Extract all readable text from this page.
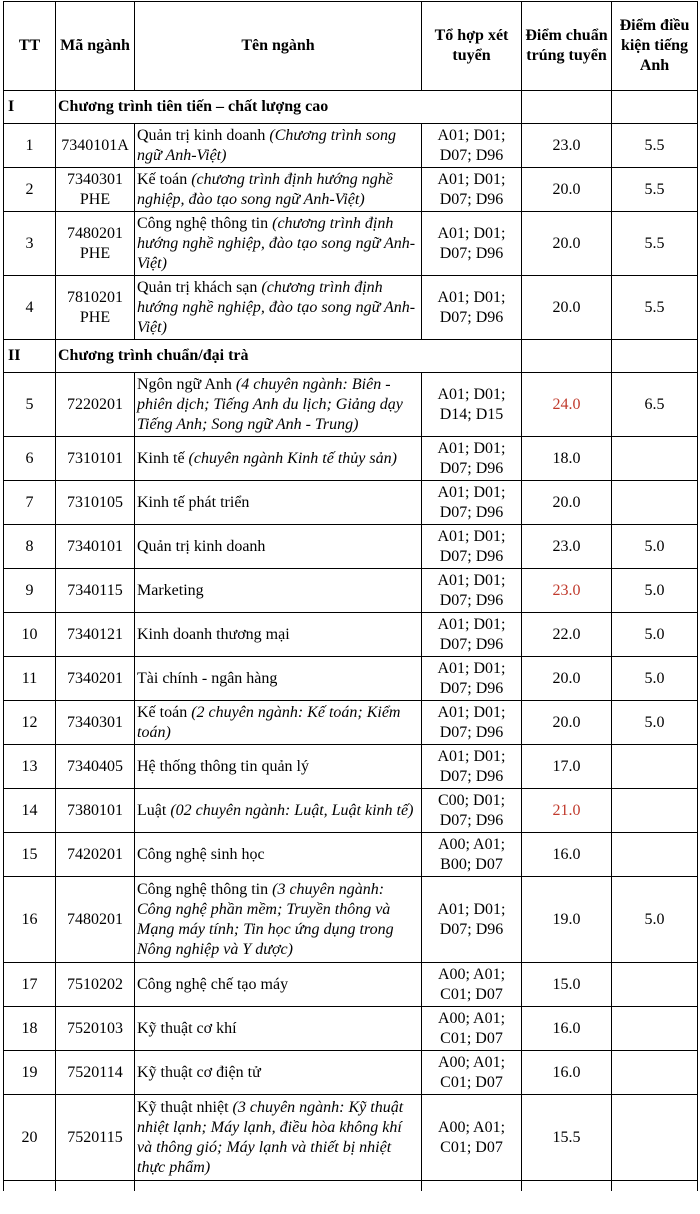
TT	Mã ngành	Tên ngành	Tổ hợp xét tuyển	Điểm chuẩn trúng tuyển	Điểm điều kiện tiếng Anh
I	Chương trình tiên tiến – chất lượng cao				
1	7340101A	Quản trị kinh doanh (Chương trình song ngữ Anh-Việt)	A01; D01; D07; D96	23.0	5.5
2	7340301 PHE	Kế toán (chương trình định hướng nghề nghiệp, đào tạo song ngữ Anh-Việt)	A01; D01; D07; D96	20.0	5.5
3	7480201 PHE	Công nghệ thông tin (chương trình định hướng nghề nghiệp, đào tạo song ngữ Anh-Việt)	A01; D01; D07; D96	20.0	5.5
4	7810201 PHE	Quản trị khách sạn (chương trình định hướng nghề nghiệp, đào tạo song ngữ Anh-Việt)	A01; D01; D07; D96	20.0	5.5
II	Chương trình chuẩn/đại trà				
5	7220201	Ngôn ngữ Anh (4 chuyên ngành: Biên - phiên dịch; Tiếng Anh du lịch; Giảng dạy Tiếng Anh; Song ngữ Anh - Trung)	A01; D01; D14; D15	24.0	6.5
6	7310101	Kinh tế (chuyên ngành Kinh tế thủy sản)	A01; D01; D07; D96	18.0	
7	7310105	Kinh tế phát triển	A01; D01; D07; D96	20.0	
8	7340101	Quản trị kinh doanh	A01; D01; D07; D96	23.0	5.0
9	7340115	Marketing	A01; D01; D07; D96	23.0	5.0
10	7340121	Kinh doanh thương mại	A01; D01; D07; D96	22.0	5.0
11	7340201	Tài chính - ngân hàng	A01; D01; D07; D96	20.0	5.0
12	7340301	Kế toán (2 chuyên ngành: Kế toán; Kiểm toán)	A01; D01; D07; D96	20.0	5.0
13	7340405	Hệ thống thông tin quản lý	A01; D01; D07; D96	17.0	
14	7380101	Luật (02 chuyên ngành: Luật, Luật kinh tế)	C00; D01; D07; D96	21.0	
15	7420201	Công nghệ sinh học	A00; A01; B00; D07	16.0	
16	7480201	Công nghệ thông tin (3 chuyên ngành: Công nghệ phần mềm; Truyền thông và Mạng máy tính; Tin học ứng dụng trong Nông nghiệp và Y dược)	A01; D01; D07; D96	19.0	5.0
17	7510202	Công nghệ chế tạo máy	A00; A01; C01; D07	15.0	
18	7520103	Kỹ thuật cơ khí	A00; A01; C01; D07	16.0	
19	7520114	Kỹ thuật cơ điện tử	A00; A01; C01; D07	16.0	
20	7520115	Kỹ thuật nhiệt (3 chuyên ngành: Kỹ thuật nhiệt lạnh; Máy lạnh, điều hòa không khí và thông gió; Máy lạnh và thiết bị nhiệt thực phẩm)	A00; A01; C01; D07	15.5	
